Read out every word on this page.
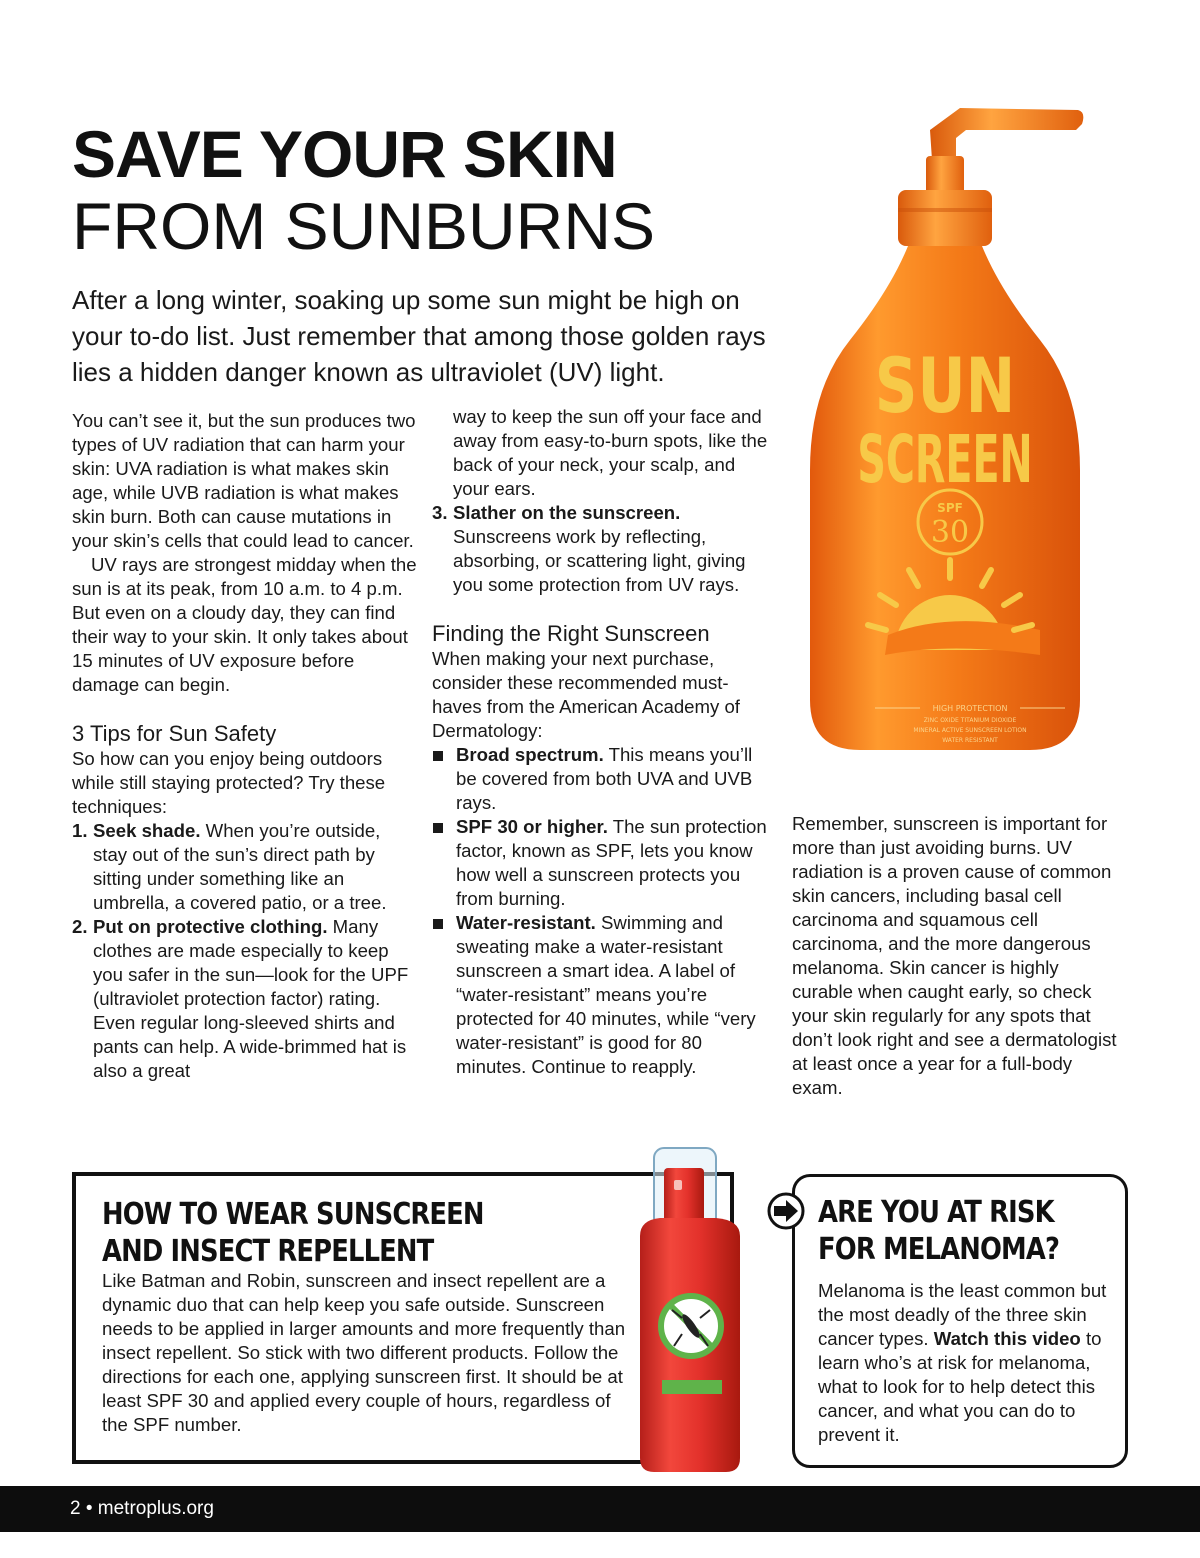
SAVE YOUR SKIN
FROM SUNBURNS
After a long winter, soaking up some sun might be high on your to-do list. Just remember that among those golden rays lies a hidden danger known as ultraviolet (UV) light.

You can’t see it, but the sun produces two types of UV radiation that can harm your skin: UVA radiation is what makes skin age, while UVB radiation is what makes skin burn. Both can cause mutations in your skin’s cells that could lead to cancer.

UV rays are strongest midday when the sun is at its peak, from 10 a.m. to 4 p.m. But even on a cloudy day, they can find their way to your skin. It only takes about 15 minutes of UV exposure before damage can begin.

3 Tips for Sun Safety

So how can you enjoy being outdoors while still staying protected? Try these techniques:

1. Seek shade. When you’re outside, stay out of the sun’s direct path by sitting under something like an umbrella, a covered patio, or a tree.
2. Put on protective clothing. Many clothes are made especially to keep you safer in the sun—look for the UPF (ultraviolet protection factor) rating. Even regular long-sleeved shirts and pants can help. A wide-brimmed hat is also a great

way to keep the sun off your face and away from easy-to-burn spots, like the back of your neck, your scalp, and your ears.

3. Slather on the sunscreen. Sunscreens work by reflecting, absorbing, or scattering light, giving you some protection from UV rays.
Finding the Right Sunscreen

When making your next purchase, consider these recommended must-haves from the American Academy of Dermatology:

Broad spectrum. This means you’ll be covered from both UVA and UVB rays.
SPF 30 or higher. The sun protection factor, known as SPF, lets you know how well a sunscreen protects you from burning.
Water-resistant. Swimming and sweating make a water-resistant sunscreen a smart idea. A label of “water-resistant” means you’re protected for 40 minutes, while “very water-resistant” is good for 80 minutes. Continue to reapply.

Remember, sunscreen is important for more than just avoiding burns. UV radiation is a proven cause of common skin cancers, including basal cell carcinoma and squamous cell carcinoma, and the more dangerous melanoma. Skin cancer is highly curable when caught early, so check your skin regularly for any spots that don’t look right and see a dermatologist at least once a year for a full-body exam.

SUN
SCREEN
SPF
30
HIGH PROTECTION
ZINC OXIDE TITANIUM DIOXIDE
MINERAL ACTIVE SUNSCREEN LOTION
WATER RESISTANT
HOW TO WEAR SUNSCREEN
AND INSECT REPELLENT
Like Batman and Robin, sunscreen and insect repellent are a dynamic duo that can help keep you safe outside. Sunscreen needs to be applied in larger amounts and more frequently than insect repellent. So stick with two different products. Follow the directions for each one, applying sunscreen first. It should be at least SPF 30 and applied every couple of hours, regardless of the SPF number.
ARE YOU AT RISK
FOR MELANOMA?
Melanoma is the least common but the most deadly of the three skin cancer types. Watch this video to learn who’s at risk for melanoma, what to look for to help detect this cancer, and what you can do to prevent it.
2 • metroplus.org
